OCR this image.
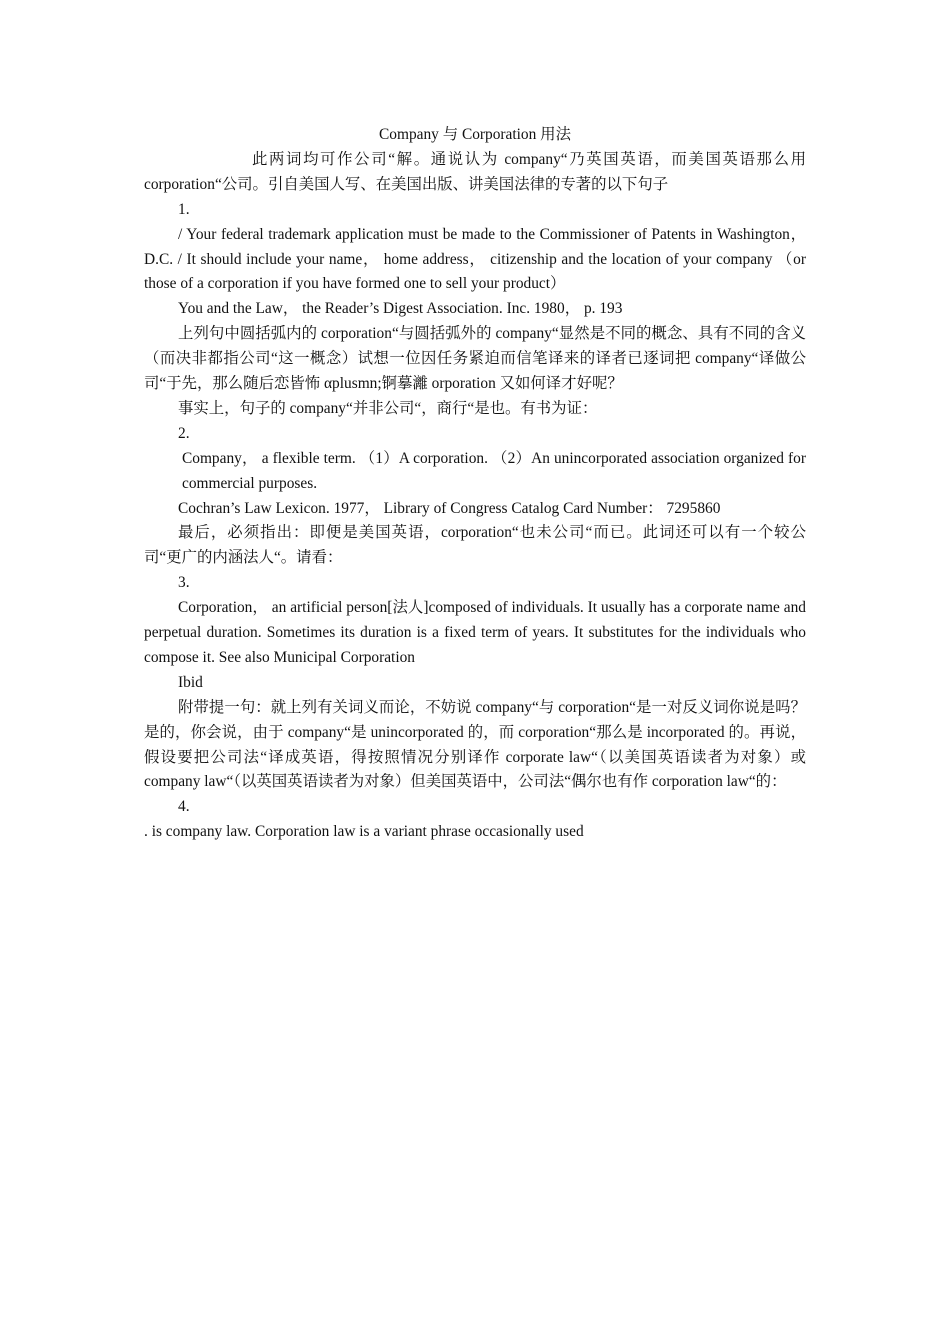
Company 与 Corporation 用法
此两词均可作公司“解。通说认为 company“乃英国英语，而美国英语那么用 corporation“公司。引自美国人写、在美国出版、讲美国法律的专著的以下句子
1.
/ Your federal trademark application must be made to the Commissioner of Patents in Washington， D.C. / It should include your name， home address， citizenship and the location of your company （or those of a corporation if you have formed one to sell your product）
You and the Law， the Reader’s Digest Association. Inc. 1980， p. 193
上列句中圆括弧内的 corporation“与圆括弧外的 company“显然是不同的概念、具有不同的含义（而决非都指公司“这一概念）试想一位因任务紧迫而信笔译来的译者已逐词把 company“译做公司“于先，那么随后恋皆怖 αplusmn;锕摹灕 orporation 又如何译才好呢？
事实上，句子的 company“并非公司“，商行“是也。有书为证：
2.
Company， a flexible term. （1）A corporation. （2）An unincorporated association organized for commercial purposes.
Cochran’s Law Lexicon. 1977， Library of Congress Catalog Card Number： 7295860
最后，必须指出：即便是美国英语，corporation“也未公司“而已。此词还可以有一个较公司“更广的内涵法人“。请看：
3.
Corporation， an artificial person[法人]composed of individuals. It usually has a corporate name and perpetual duration. Sometimes its duration is a fixed term of years. It substitutes for the individuals who compose it. See also Municipal Corporation
Ibid
附带提一句：就上列有关词义而论，不妨说 company“与 corporation“是一对反义词你说是吗？是的，你会说，由于 company“是 unincorporated 的，而 corporation“那么是 incorporated 的。再说，假设要把公司法“译成英语，得按照情况分别译作 corporate law“（以美国英语读者为对象）或 company law“（以英国英语读者为对象）但美国英语中，公司法“偶尔也有作 corporation law“的：
4.
. is company law. Corporation law is a variant phrase occasionally used
